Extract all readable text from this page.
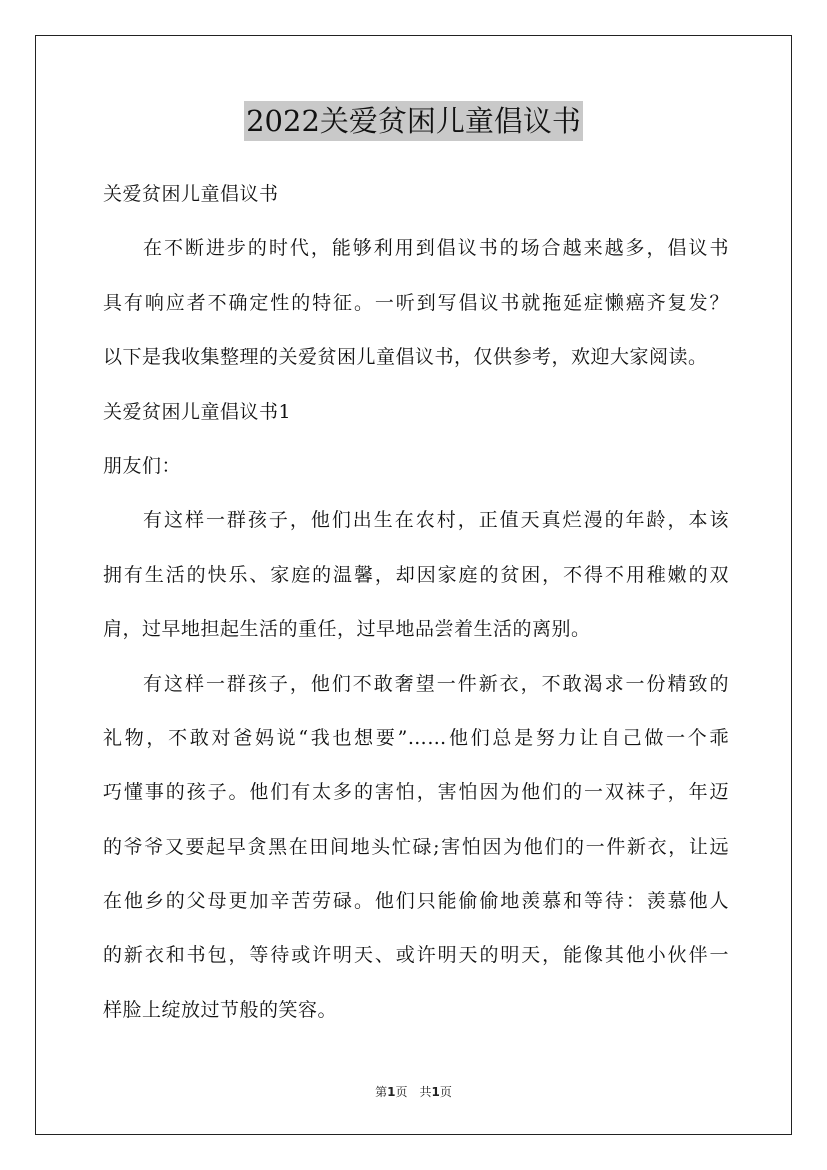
2022关爱贫困儿童倡议书
关爱贫困儿童倡议书
在不断进步的时代，能够利用到倡议书的场合越来越多，倡议书
具有响应者不确定性的特征。一听到写倡议书就拖延症懒癌齐复发？
以下是我收集整理的关爱贫困儿童倡议书，仅供参考，欢迎大家阅读。
关爱贫困儿童倡议书1
朋友们：
有这样一群孩子，他们出生在农村，正值天真烂漫的年龄，本该
拥有生活的快乐、家庭的温馨，却因家庭的贫困，不得不用稚嫩的双
肩，过早地担起生活的重任，过早地品尝着生活的离别。
有这样一群孩子，他们不敢奢望一件新衣，不敢渴求一份精致的
礼物，不敢对爸妈说“我也想要”……他们总是努力让自己做一个乖
巧懂事的孩子。他们有太多的害怕，害怕因为他们的一双袜子，年迈
的爷爷又要起早贪黑在田间地头忙碌;害怕因为他们的一件新衣，让远
在他乡的父母更加辛苦劳碌。他们只能偷偷地羡慕和等待：羡慕他人
的新衣和书包，等待或许明天、或许明天的明天，能像其他小伙伴一
样脸上绽放过节般的笑容。
第1页　共1页
